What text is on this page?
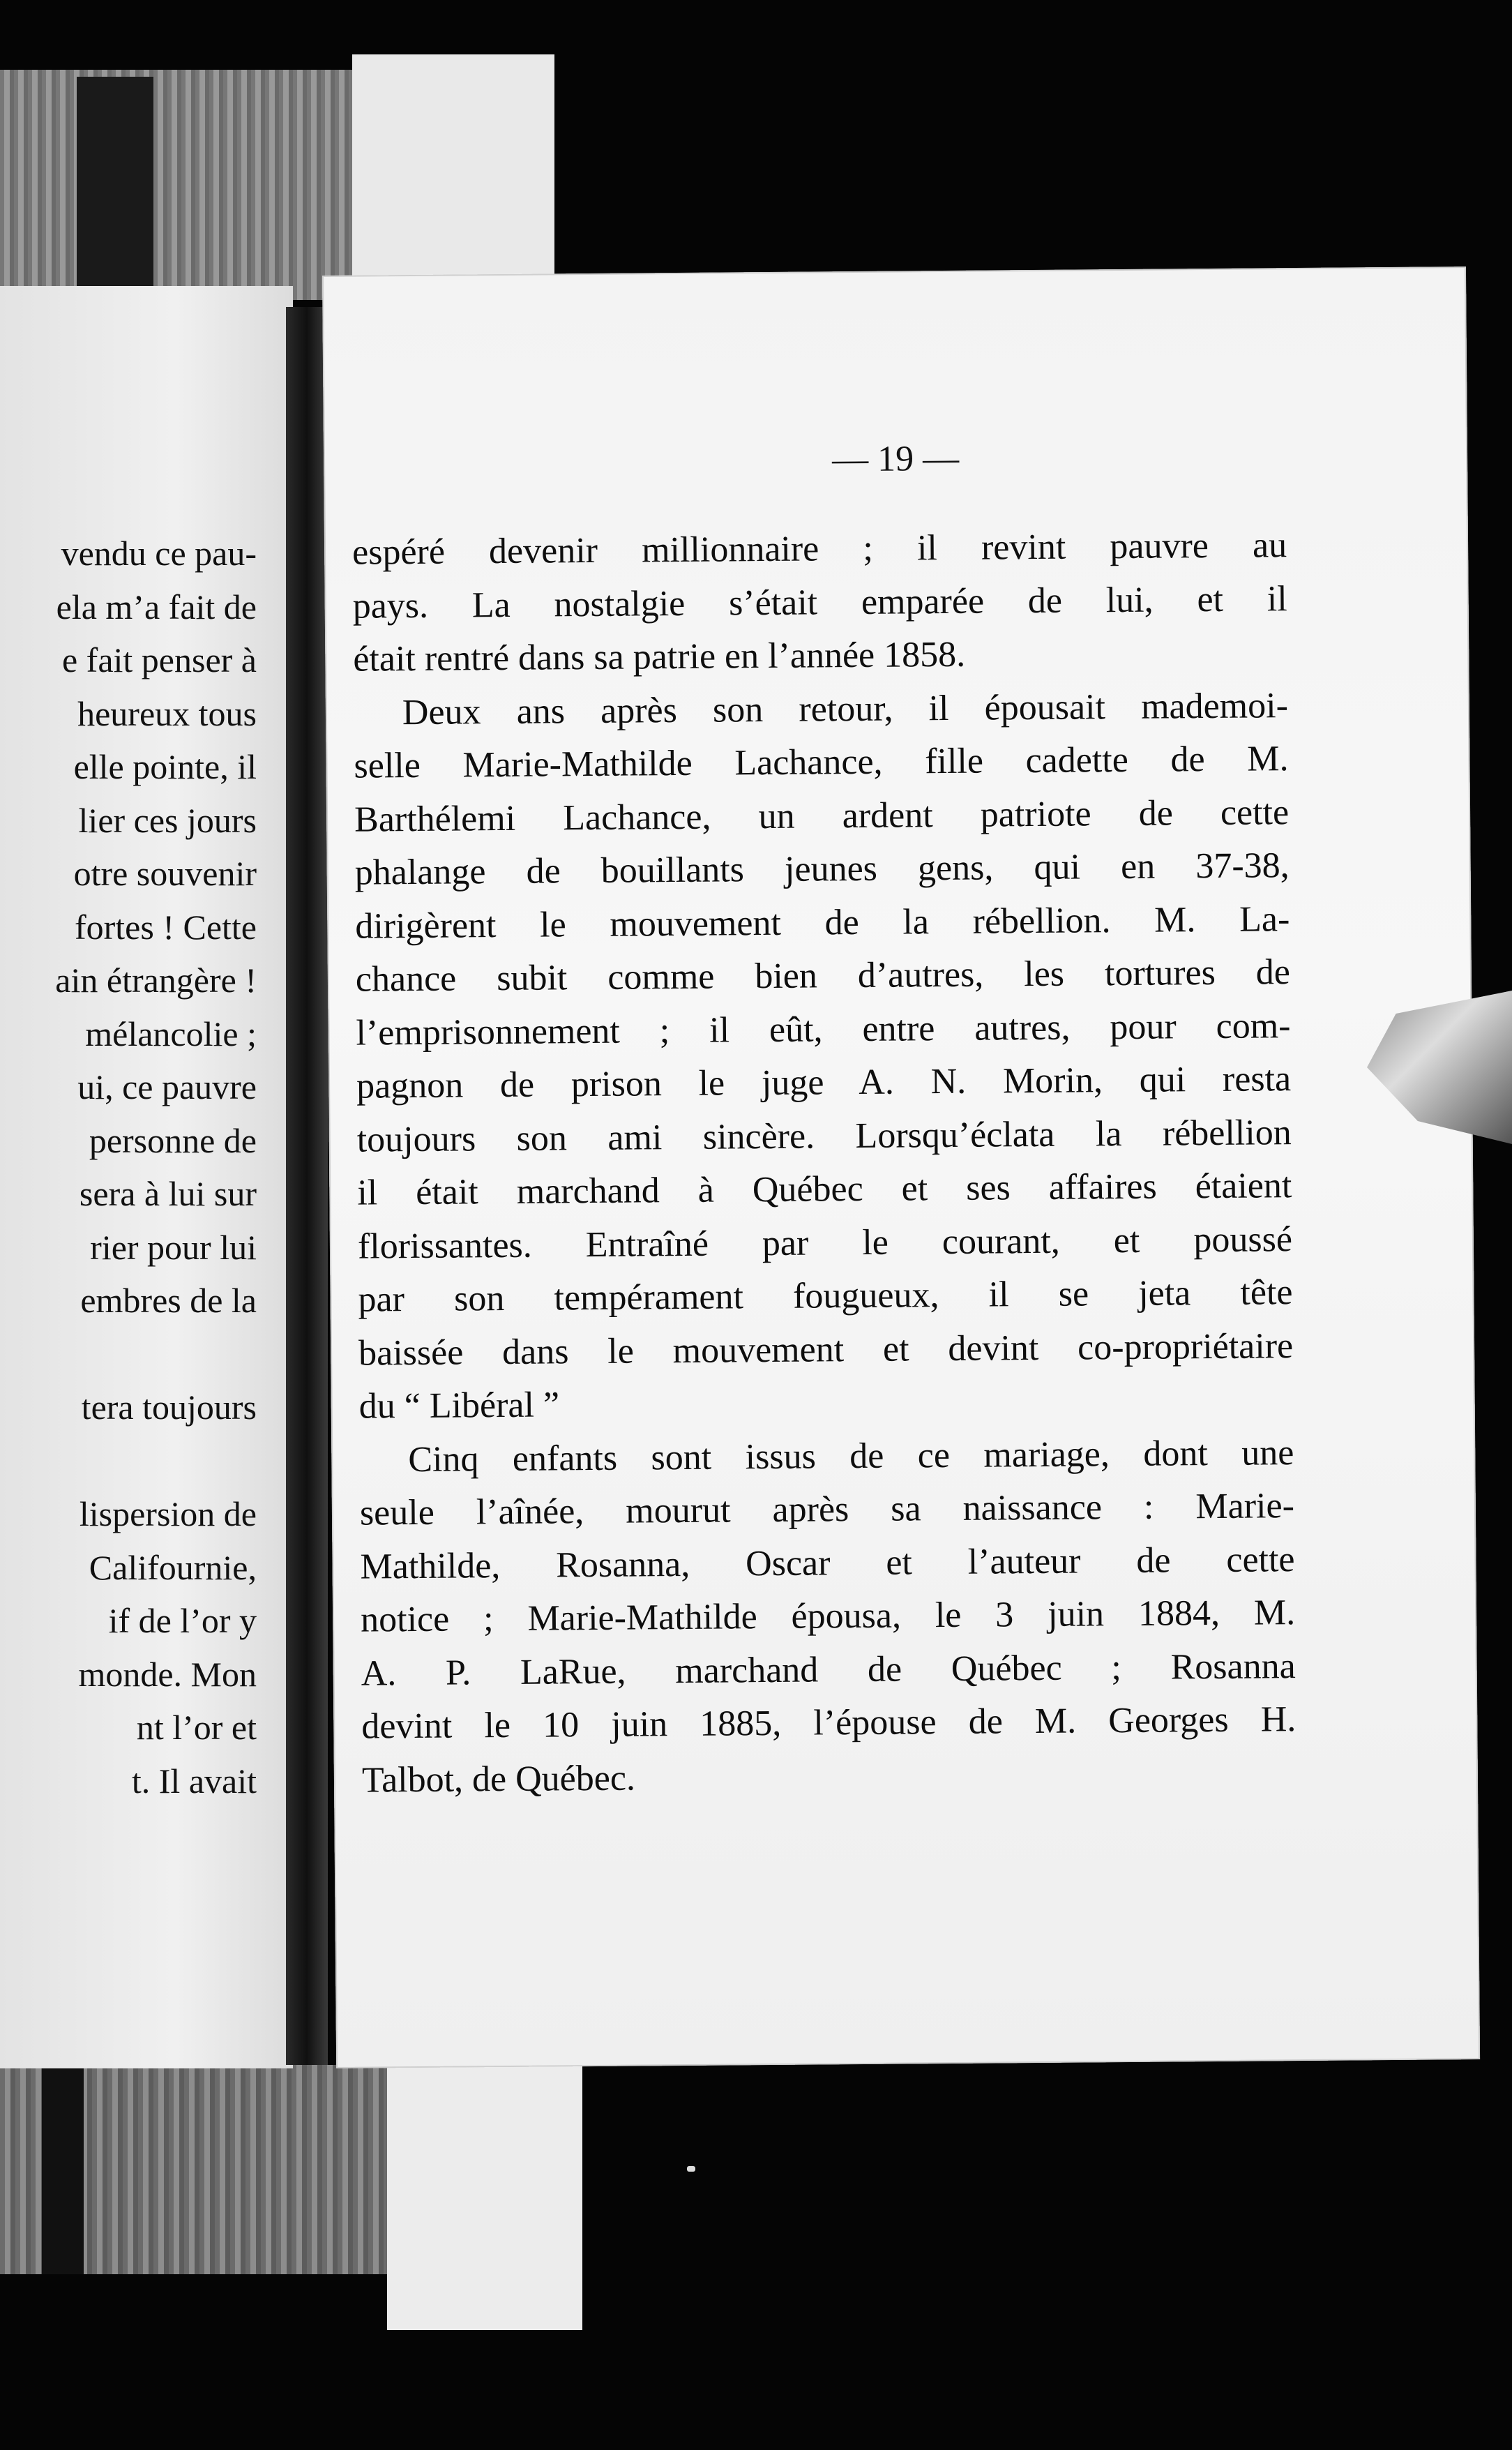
vendu ce pau-
ela m’a fait de
e fait penser à
heureux tous
elle pointe, il
lier ces jours
otre souvenir
fortes ! Cette
ain étrangère !
mélancolie ;
ui, ce pauvre
personne de
sera à lui sur
rier pour lui
embres de la
tera toujours
lispersion de
Califournie,
if de l’or y
monde. Mon
nt l’or et
t. Il avait
— 19 —
espéré devenir millionnaire ; il revint pauvre au
pays. La nostalgie s’était emparée de lui, et il
était rentré dans sa patrie en l’année 1858.
Deux ans après son retour, il épousait mademoi-
selle Marie-Mathilde Lachance, fille cadette de M.
Barthélemi Lachance, un ardent patriote de cette
phalange de bouillants jeunes gens, qui en 37-38,
dirigèrent le mouvement de la rébellion. M. La-
chance subit comme bien d’autres, les tortures de
l’emprisonnement ; il eût, entre autres, pour com-
pagnon de prison le juge A. N. Morin, qui resta
toujours son ami sincère. Lorsqu’éclata la rébellion
il était marchand à Québec et ses affaires étaient
florissantes. Entraîné par le courant, et poussé
par son tempérament fougueux, il se jeta tête
baissée dans le mouvement et devint co-propriétaire
du “ Libéral ”
Cinq enfants sont issus de ce mariage, dont une
seule l’aînée, mourut après sa naissance : Marie-
Mathilde, Rosanna, Oscar et l’auteur de cette
notice ; Marie-Mathilde épousa, le 3 juin 1884, M.
A. P. LaRue, marchand de Québec ; Rosanna
devint le 10 juin 1885, l’épouse de M. Georges H.
Talbot, de Québec.
